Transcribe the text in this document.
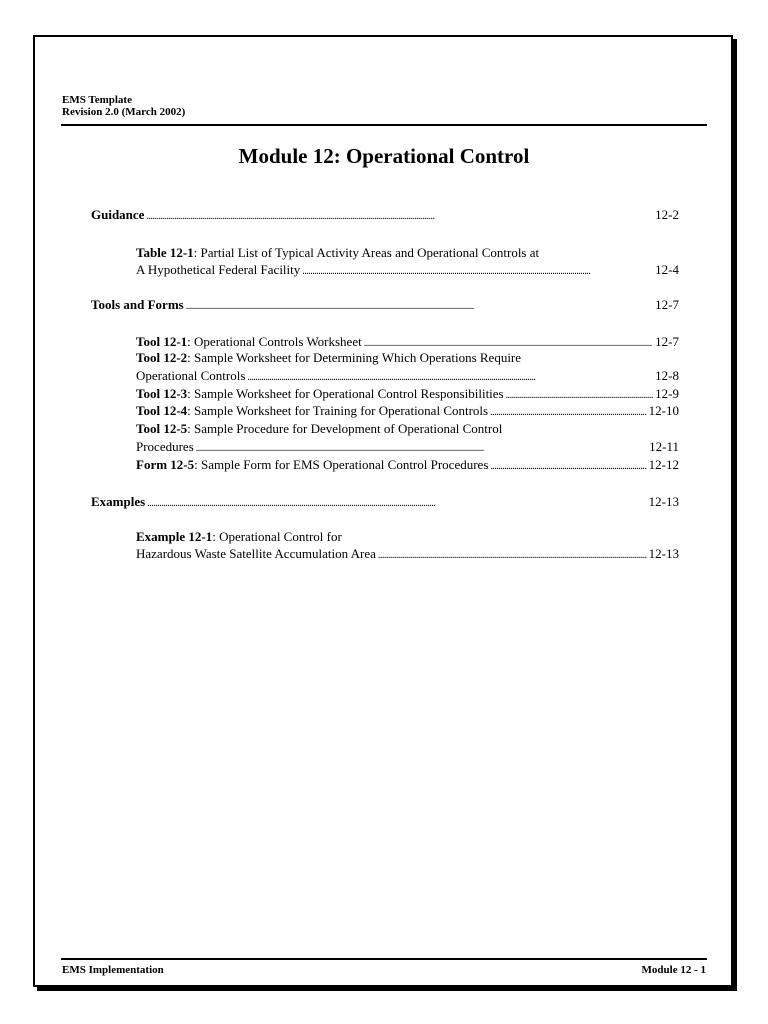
EMS Template
Revision 2.0 (March 2002)
Module 12: Operational Control
Guidance . . .	12-2
Table 12-1: Partial List of Typical Activity Areas and Operational Controls at
A Hypothetical Federal Facility . . .	12-4
Tools and Forms . . .	12-7
Tool 12-1: Operational Controls Worksheet . . .	12-7
Tool 12-2: Sample Worksheet for Determining Which Operations Require
Operational Controls . . .	12-8
Tool 12-3: Sample Worksheet for Operational Control Responsibilities . . .	12-9
Tool 12-4: Sample Worksheet for Training for Operational Controls . . .	12-10
Tool 12-5: Sample Procedure for Development of Operational Control
Procedures . . .	12-11
Form 12-5: Sample Form for EMS Operational Control Procedures . . .	12-12
Examples . . .	12-13
Example 12-1: Operational Control for
Hazardous Waste Satellite Accumulation Area . . .	12-13
EMS Implementation	Module 12 - 1
